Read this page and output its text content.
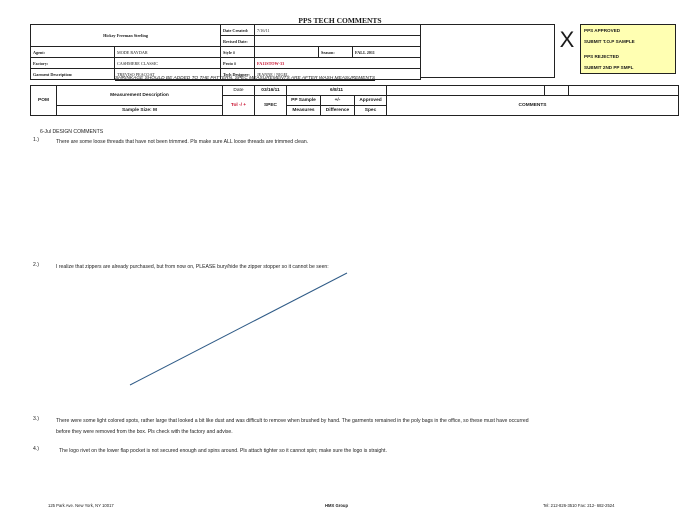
PPS TECH COMMENTS
Hickey Freeman Sterling		Date Created:	7/16/11		
		Revised Date:			
Agent:	MODE RAYDAR	Style #		Season:	FALL 2011
Factory:	CASHMERE CLASSIC	Proto #	FA11STOW-33		
Garment Description:	TREVISO PEACOAT	Tech Designer:	JEANNE / NIGEL		
X	PPS APPROVED
SUBMIT T.O.P SAMPLE
PPS REJECTED
SUBMIT 2ND PP SMPL
SHRINKAGE SHOULD BE ADDED TO THE PATTERN. SPEC MEASUREMENTS ARE AFTER WASH MEASUREMENTS
POM	Measurement Description	Date	03/16/11	6/8/11					
		Tol -/ +	SPEC	PP Sample	+/-	Approved	COMMENTS		
	Sample Size: M			Measures	Difference	Spec			
6-Jul DESIGN COMMENTS
1.)	There are some loose threads that have not been trimmed. Pls make sure ALL loose threads are trimmed clean.
2.)	I realize that zippers are already purchased, but from now on, PLEASE bury/hide the zipper stopper so it cannot be seen:
3.)	There were some light colored spots, rather large that looked a bit like dust and was difficult to remove when brushed by hand. The garments remained in the poly bags in the office, so these must have occurred
before they were removed from the box. Pls check with the factory and advise.
4.)	The logo rivet on the lower flap pocket is not secured enough and spins around. Pls attach tighter so it cannot spin; make sure the logo is straight.
125 Park Ave. New York, NY 10017	HMX Group	Tel: 212-826-3510 Fax: 212- 682-2524
